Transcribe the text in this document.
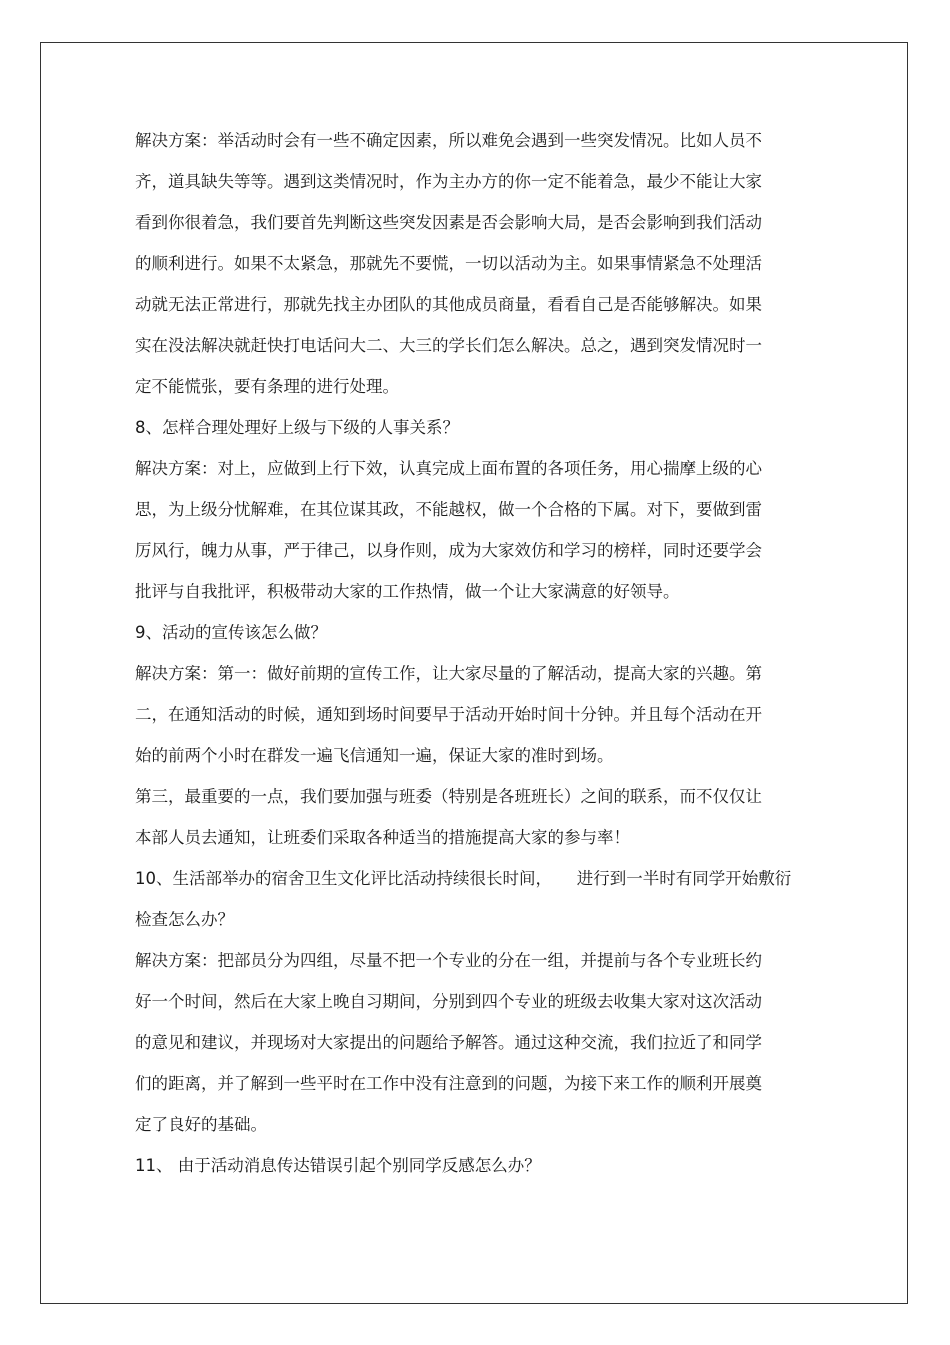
解决方案：举活动时会有一些不确定因素，所以难免会遇到一些突发情况。比如人员不
齐，道具缺失等等。遇到这类情况时，作为主办方的你一定不能着急，最少不能让大家
看到你很着急，我们要首先判断这些突发因素是否会影响大局，是否会影响到我们活动
的顺利进行。如果不太紧急，那就先不要慌，一切以活动为主。如果事情紧急不处理活
动就无法正常进行，那就先找主办团队的其他成员商量，看看自己是否能够解决。如果
实在没法解决就赶快打电话问大二、大三的学长们怎么解决。总之，遇到突发情况时一
定不能慌张，要有条理的进行处理。
8、怎样合理处理好上级与下级的人事关系？
解决方案：对上，应做到上行下效，认真完成上面布置的各项任务，用心揣摩上级的心
思，为上级分忧解难，在其位谋其政，不能越权，做一个合格的下属。对下，要做到雷
厉风行，魄力从事，严于律己，以身作则，成为大家效仿和学习的榜样，同时还要学会
批评与自我批评，积极带动大家的工作热情，做一个让大家满意的好领导。
9、活动的宣传该怎么做？
解决方案：第一：做好前期的宣传工作，让大家尽量的了解活动，提高大家的兴趣。第
二，在通知活动的时候，通知到场时间要早于活动开始时间十分钟。并且每个活动在开
始的前两个小时在群发一遍飞信通知一遍，保证大家的准时到场。
第三，最重要的一点，我们要加强与班委（特别是各班班长）之间的联系，而不仅仅让
本部人员去通知，让班委们采取各种适当的措施提高大家的参与率！
10、生活部举办的宿舍卫生文化评比活动持续很长时间，　　进行到一半时有同学开始敷衍
检查怎么办？
解决方案：把部员分为四组，尽量不把一个专业的分在一组，并提前与各个专业班长约
好一个时间，然后在大家上晚自习期间，分别到四个专业的班级去收集大家对这次活动
的意见和建议，并现场对大家提出的问题给予解答。通过这种交流，我们拉近了和同学
们的距离，并了解到一些平时在工作中没有注意到的问题，为接下来工作的顺利开展奠
定了良好的基础。
11、 由于活动消息传达错误引起个别同学反感怎么办？
